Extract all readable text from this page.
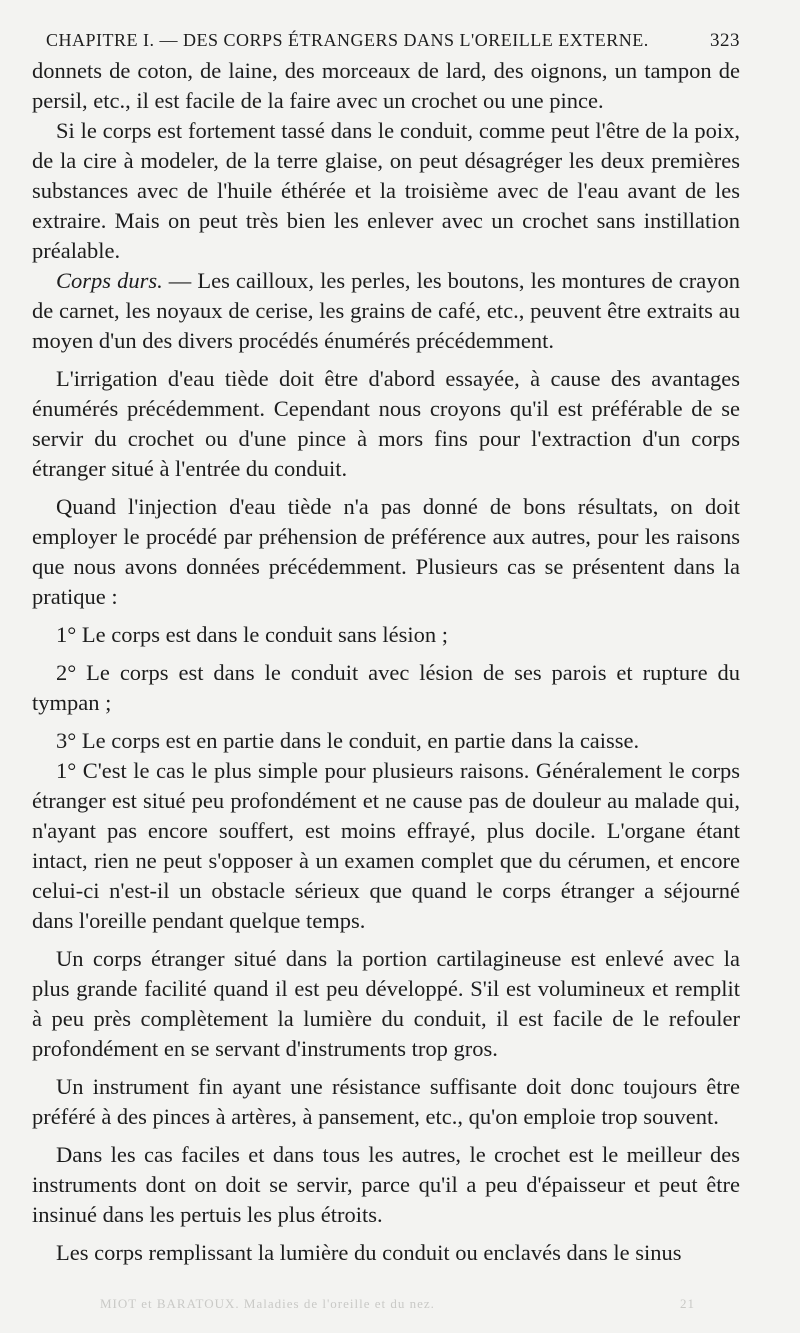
CHAPITRE I. — DES CORPS ÉTRANGERS DANS L'OREILLE EXTERNE.	323

donnets de coton, de laine, des morceaux de lard, des oignons, un tampon de persil, etc., il est facile de la faire avec un crochet ou une pince.

Si le corps est fortement tassé dans le conduit, comme peut l'être de la poix, de la cire à modeler, de la terre glaise, on peut désagréger les deux premières substances avec de l'huile éthérée et la troisième avec de l'eau avant de les extraire. Mais on peut très bien les enlever avec un crochet sans instillation préalable.

Corps durs. — Les cailloux, les perles, les boutons, les montures de crayon de carnet, les noyaux de cerise, les grains de café, etc., peuvent être extraits au moyen d'un des divers procédés énumérés précédemment.

L'irrigation d'eau tiède doit être d'abord essayée, à cause des avantages énumérés précédemment. Cependant nous croyons qu'il est préférable de se servir du crochet ou d'une pince à mors fins pour l'extraction d'un corps étranger situé à l'entrée du conduit.

Quand l'injection d'eau tiède n'a pas donné de bons résultats, on doit employer le procédé par préhension de préférence aux autres, pour les raisons que nous avons données précédemment. Plusieurs cas se présentent dans la pratique :

1° Le corps est dans le conduit sans lésion ;

2° Le corps est dans le conduit avec lésion de ses parois et rupture du tympan ;

3° Le corps est en partie dans le conduit, en partie dans la caisse.

1° C'est le cas le plus simple pour plusieurs raisons. Généralement le corps étranger est situé peu profondément et ne cause pas de douleur au malade qui, n'ayant pas encore souffert, est moins effrayé, plus docile. L'organe étant intact, rien ne peut s'opposer à un examen complet que du cérumen, et encore celui-ci n'est-il un obstacle sérieux que quand le corps étranger a séjourné dans l'oreille pendant quelque temps.

Un corps étranger situé dans la portion cartilagineuse est enlevé avec la plus grande facilité quand il est peu développé. S'il est volumineux et remplit à peu près complètement la lumière du conduit, il est facile de le refouler profondément en se servant d'instruments trop gros.

Un instrument fin ayant une résistance suffisante doit donc toujours être préféré à des pinces à artères, à pansement, etc., qu'on emploie trop souvent.

Dans les cas faciles et dans tous les autres, le crochet est le meilleur des instruments dont on doit se servir, parce qu'il a peu d'épaisseur et peut être insinué dans les pertuis les plus étroits.

Les corps remplissant la lumière du conduit ou enclavés dans le sinus

MIOT et BARATOUX. Maladies de l'oreille et du nez.	21
